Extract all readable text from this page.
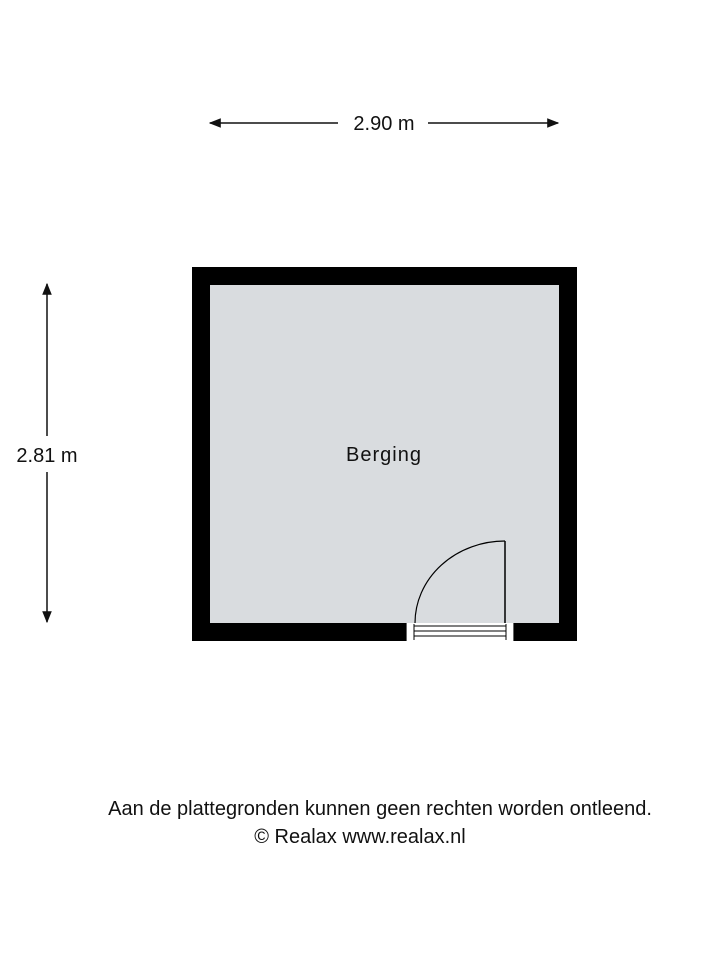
2.90 m
2.81 m	Berging
Aan de plattegronden kunnen geen rechten worden ontleend.
© Realax www.realax.nl
